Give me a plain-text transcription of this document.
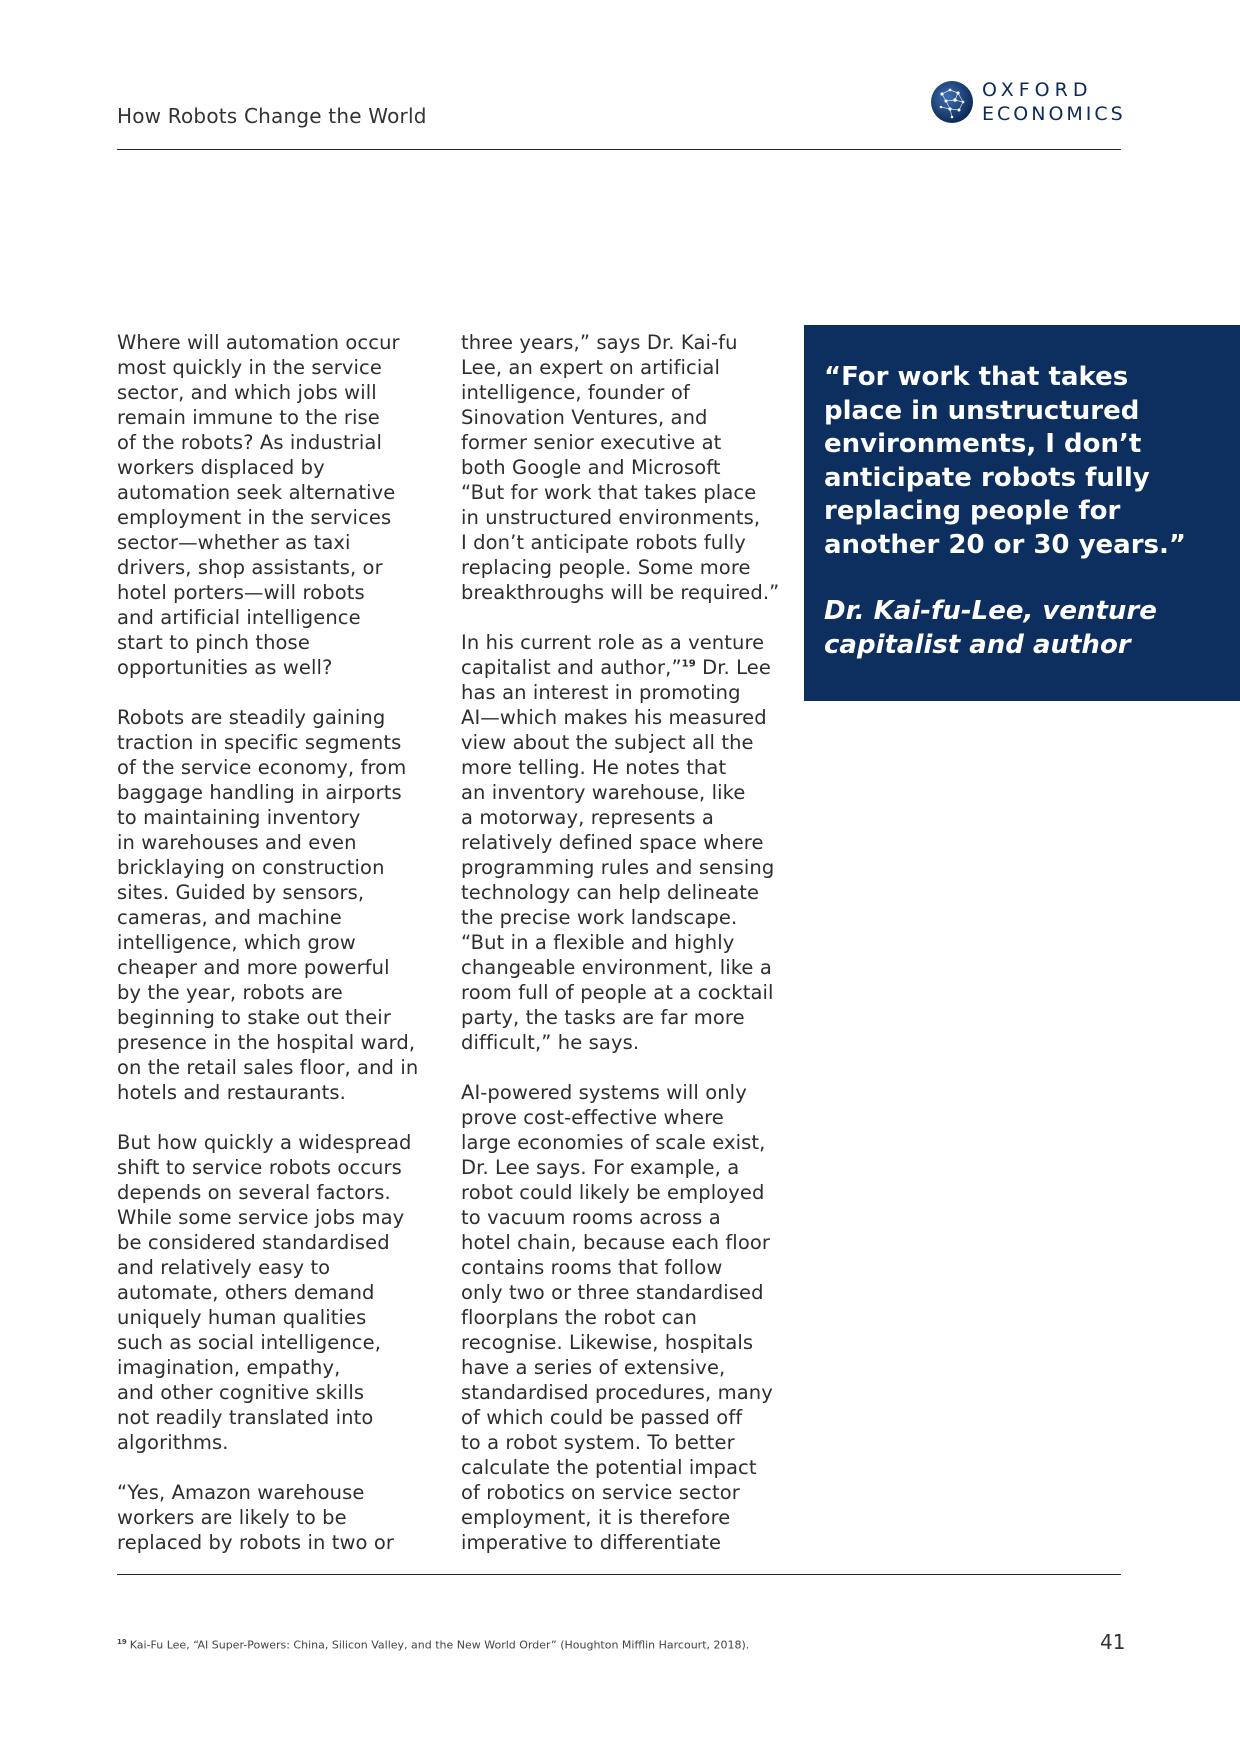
How Robots Change the World
OXFORD
ECONOMICS

Where will automation occur
most quickly in the service
sector, and which jobs will
remain immune to the rise
of the robots? As industrial
workers displaced by
automation seek alternative
employment in the services
sector—whether as taxi
drivers, shop assistants, or
hotel porters—will robots
and artificial intelligence
start to pinch those
opportunities as well?

Robots are steadily gaining
traction in specific segments
of the service economy, from
baggage handling in airports
to maintaining inventory
in warehouses and even
bricklaying on construction
sites. Guided by sensors,
cameras, and machine
intelligence, which grow
cheaper and more powerful
by the year, robots are
beginning to stake out their
presence in the hospital ward,
on the retail sales floor, and in
hotels and restaurants.

But how quickly a widespread
shift to service robots occurs
depends on several factors.
While some service jobs may
be considered standardised
and relatively easy to
automate, others demand
uniquely human qualities
such as social intelligence,
imagination, empathy,
and other cognitive skills
not readily translated into
algorithms.

“Yes, Amazon warehouse
workers are likely to be
replaced by robots in two or

three years,” says Dr. Kai-fu
Lee, an expert on artificial
intelligence, founder of
Sinovation Ventures, and
former senior executive at
both Google and Microsoft
“But for work that takes place
in unstructured environments,
I don’t anticipate robots fully
replacing people. Some more
breakthroughs will be required.”

In his current role as a venture
capitalist and author,”$^{19}$ Dr. Lee
has an interest in promoting
AI—which makes his measured
view about the subject all the
more telling. He notes that
an inventory warehouse, like
a motorway, represents a
relatively defined space where
programming rules and sensing
technology can help delineate
the precise work landscape.
“But in a flexible and highly
changeable environment, like a
room full of people at a cocktail
party, the tasks are far more
difficult,” he says.

AI-powered systems will only
prove cost-effective where
large economies of scale exist,
Dr. Lee says. For example, a
robot could likely be employed
to vacuum rooms across a
hotel chain, because each floor
contains rooms that follow
only two or three standardised
floorplans the robot can
recognise. Likewise, hospitals
have a series of extensive,
standardised procedures, many
of which could be passed off
to a robot system. To better
calculate the potential impact
of robotics on service sector
employment, it is therefore
imperative to differentiate

“For work that takes
place in unstructured
environments, I don’t
anticipate robots fully
replacing people for
another 20 or 30 years.”

Dr. Kai-fu-Lee, venture
capitalist and author

$^{19}$ Kai-Fu Lee, “AI Super-Powers: China, Silicon Valley, and the New World Order” (Houghton Mifflin Harcourt, 2018).	41
